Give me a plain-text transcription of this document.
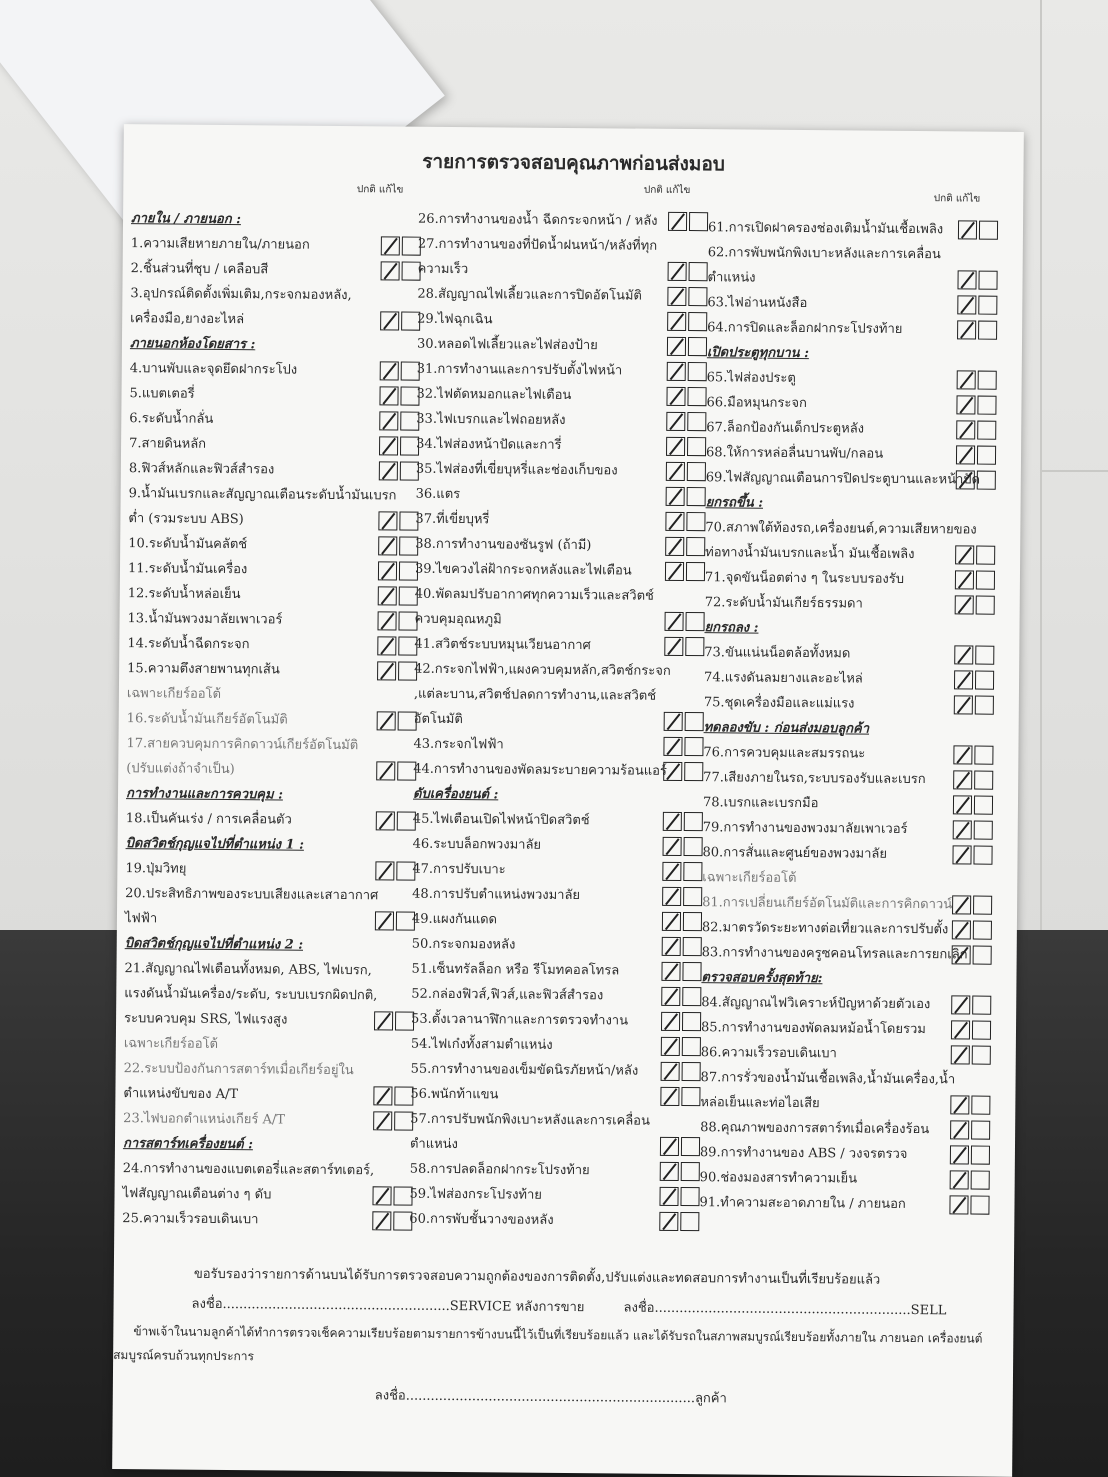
รายการตรวจสอบคุณภาพก่อนส่งมอบ
ปกติ แก้ไข
ภายใน / ภายนอก :
1.ความเสียหายภายใน/ภายนอก
2.ชิ้นส่วนที่ชุบ / เคลือบสี
3.อุปกรณ์ติดตั้งเพิ่มเติม,กระจกมองหลัง,
เครื่องมือ,ยางอะไหล่
ภายนอกห้องโดยสาร :
4.บานพับและจุดยึดฝากระโปง
5.แบตเตอรี่
6.ระดับน้ำกลั่น
7.สายดินหลัก
8.ฟิวส์หลักและฟิวส์สำรอง
9.น้ำมันเบรกและสัญญาณเตือนระดับน้ำมันเบรก
ต่ำ (รวมระบบ ABS)
10.ระดับน้ำมันคลัตช์
11.ระดับน้ำมันเครื่อง
12.ระดับน้ำหล่อเย็น
13.น้ำมันพวงมาลัยเพาเวอร์
14.ระดับน้ำฉีดกระจก
15.ความตึงสายพานทุกเส้น
เฉพาะเกียร์ออโต้
16.ระดับน้ำมันเกียร์อัตโนมัติ
17.สายควบคุมการคิกดาวน์เกียร์อัตโนมัติ
(ปรับแต่งถ้าจำเป็น)
การทำงานและการควบคุม :
18.เป็นคันเร่ง / การเคลื่อนตัว
บิดสวิตช์กุญแจไปที่ตำแหน่ง 1 :
19.ปุ่มวิทยุ
20.ประสิทธิภาพของระบบเสียงและเสาอากาศ
ไฟฟ้า
บิดสวิตช์กุญแจไปที่ตำแหน่ง 2 :
21.สัญญาณไฟเตือนทั้งหมด, ABS, ไฟเบรก,
แรงดันน้ำมันเครื่อง/ระดับ, ระบบเบรกผิดปกติ,
ระบบควบคุม SRS, ไฟแรงสูง
เฉพาะเกียร์ออโต้
22.ระบบป้องกันการสตาร์ทเมื่อเกียร์อยู่ใน
ตำแหน่งขับของ A/T
23.ไฟบอกตำแหน่งเกียร์ A/T
การสตาร์ทเครื่องยนต์ :
24.การทำงานของแบตเตอรี่และสตาร์ทเตอร์,
ไฟสัญญาณเตือนต่าง ๆ ดับ
25.ความเร็วรอบเดินเบา
ปกติ แก้ไข
26.การทำงานของน้ำ ฉีดกระจกหน้า / หลัง
27.การทำงานของที่ปัดน้ำฝนหน้า/หลังที่ทุก
ความเร็ว
28.สัญญาณไฟเลี้ยวและการปิดอัตโนมัติ
29.ไฟฉุกเฉิน
30.หลอดไฟเลี้ยวและไฟส่องป้าย
31.การทำงานและการปรับตั้งไฟหน้า
32.ไฟตัดหมอกและไฟเตือน
33.ไฟเบรกและไฟถอยหลัง
34.ไฟส่องหน้าปัดและการี่
35.ไฟส่องที่เขี่ยบุหรี่และช่องเก็บของ
36.แตร
37.ที่เขี่ยบุหรี่
38.การทำงานของซันรูฟ (ถ้ามี)
39.ไขควงไล่ฝ้ากระจกหลังและไฟเตือน
40.พัดลมปรับอากาศทุกความเร็วและสวิตช์
ควบคุมอุณหภูมิ
41.สวิตช์ระบบหมุนเวียนอากาศ
42.กระจกไฟฟ้า,แผงควบคุมหลัก,สวิตช์กระจก
,แต่ละบาน,สวิตช์ปลดการทำงาน,และสวิตช์
อัตโนมัติ
43.กระจกไฟฟ้า
44.การทำงานของพัดลมระบายความร้อนแอร์
ดับเครื่องยนต์ :
45.ไฟเตือนเปิดไฟหน้าปิดสวิตช์
46.ระบบล็อกพวงมาลัย
47.การปรับเบาะ
48.การปรับตำแหน่งพวงมาลัย
49.แผงกันแดด
50.กระจกมองหลัง
51.เซ็นทรัลล็อก หรือ รีโมทคอลโทรล
52.กล่องฟิวส์,ฟิวส์,และฟิวส์สำรอง
53.ตั้งเวลานาฬิกาและการตรวจทำงาน
54.ไฟเก๋งทั้งสามตำแหน่ง
55.การทำงานของเข็มขัดนิรภัยหน้า/หลัง
56.พนักท้าแขน
57.การปรับพนักพิงเบาะหลังและการเคลื่อน
ตำแหน่ง
58.การปลดล็อกฝากระโปรงท้าย
59.ไฟส่องกระโปรงท้าย
60.การพับชั้นวางของหลัง
ปกติ แก้ไข
61.การเปิดฝาครองช่องเติมน้ำมันเชื้อเพลิง
62.การพับพนักพิงเบาะหลังและการเคลื่อน
ตำแหน่ง
63.ไฟอ่านหนังสือ
64.การปิดและล็อกฝากระโปรงท้าย
เปิดประตูทุกบาน :
65.ไฟส่องประตู
66.มือหมุนกระจก
67.ล็อกป้องกันเด็กประตูหลัง
68.ให้การหล่อลื่นบานพับ/กลอน
69.ไฟสัญญาณเตือนการปิดประตูบานและหน้าปัด
ยกรถขึ้น :
70.สภาพใต้ท้องรถ,เครื่องยนต์,ความเสียหายของ
ท่อทางน้ำมันเบรกและน้ำ มันเชื้อเพลิง
71.จุดขันน็อตต่าง ๆ ในระบบรองรับ
72.ระดับน้ำมันเกียร์ธรรมดา
ยกรถลง :
73.ขันแน่นน็อตล้อทั้งหมด
74.แรงดันลมยางและอะไหล่
75.ชุดเครื่องมือและแม่แรง
ทดลองขับ : ก่อนส่งมอบลูกค้า
76.การควบคุมและสมรรถนะ
77.เสียงภายในรถ,ระบบรองรับและเบรก
78.เบรกและเบรกมือ
79.การทำงานของพวงมาลัยเพาเวอร์
80.การสั่นและศูนย์ของพวงมาลัย
เฉพาะเกียร์ออโต้
81.การเปลี่ยนเกียร์อัตโนมัติและการคิกดาวน์
82.มาตรวัดระยะทางต่อเที่ยวและการปรับตั้ง
83.การทำงานของครูซคอนโทรลและการยกเลิก
ตรวจสอบครั้งสุดท้าย:
84.สัญญาณไฟวิเคราะห์ปัญหาด้วยตัวเอง
85.การทำงานของพัดลมหม้อน้ำโดยรวม
86.ความเร็วรอบเดินเบา
87.การรั่วของน้ำมันเชื้อเพลิง,น้ำมันเครื่อง,น้ำ
หล่อเย็นและท่อไอเสีย
88.คุณภาพของการสตาร์ทเมื่อเครื่องร้อน
89.การทำงานของ ABS / วงจรตรวจ
90.ช่องมองสารทำความเย็น
91.ทำความสะอาดภายใน / ภายนอก
ขอรับรองว่ารายการด้านบนได้รับการตรวจสอบความถูกต้องของการติดตั้ง,ปรับแต่งและทดสอบการทำงานเป็นที่เรียบร้อยแล้ว
ลงชื่อ.......................................................SERVICE หลังการขาย	ลงชื่อ..............................................................SELL
ข้าพเจ้าในนามลูกค้าได้ทำการตรวจเช็คความเรียบร้อยตามรายการข้างบนนี้ไว้เป็นที่เรียบร้อยแล้ว และได้รับรถในสภาพสมบูรณ์เรียบร้อยทั้งภายใน ภายนอก เครื่องยนต์
สมบูรณ์ครบถ้วนทุกประการ
ลงชื่อ......................................................................ลูกค้า
